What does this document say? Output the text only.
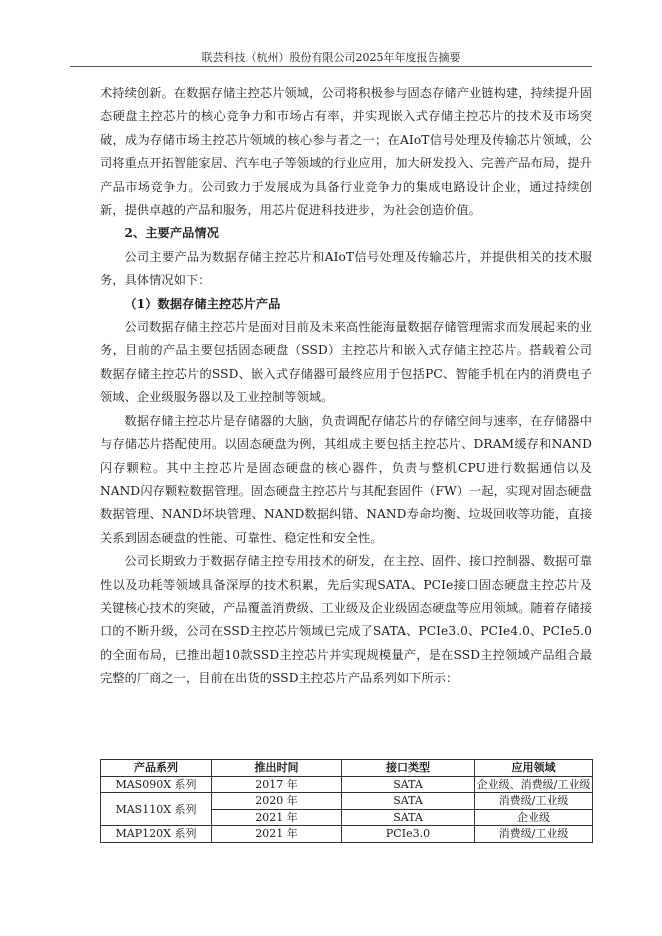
联芸科技（杭州）股份有限公司2025年年度报告摘要

术持续创新。在数据存储主控芯片领域，公司将积极参与固态存储产业链构建，持续提升固态硬盘主控芯片的核心竞争力和市场占有率，并实现嵌入式存储主控芯片的技术及市场突破，成为存储市场主控芯片领域的核心参与者之一；在AIoT信号处理及传输芯片领域，公司将重点开拓智能家居、汽车电子等领域的行业应用，加大研发投入、完善产品布局，提升产品市场竞争力。公司致力于发展成为具备行业竞争力的集成电路设计企业，通过持续创新，提供卓越的产品和服务，用芯片促进科技进步，为社会创造价值。

2、主要产品情况

公司主要产品为数据存储主控芯片和AIoT信号处理及传输芯片，并提供相关的技术服务，具体情况如下：

（1）数据存储主控芯片产品

公司数据存储主控芯片是面对目前及未来高性能海量数据存储管理需求而发展起来的业务，目前的产品主要包括固态硬盘（SSD）主控芯片和嵌入式存储主控芯片。搭载着公司数据存储主控芯片的SSD、嵌入式存储器可最终应用于包括PC、智能手机在内的消费电子领域、企业级服务器以及工业控制等领域。

数据存储主控芯片是存储器的大脑，负责调配存储芯片的存储空间与速率，在存储器中与存储芯片搭配使用。以固态硬盘为例，其组成主要包括主控芯片、DRAM缓存和NAND闪存颗粒。其中主控芯片是固态硬盘的核心器件，负责与整机CPU进行数据通信以及NAND闪存颗粒数据管理。固态硬盘主控芯片与其配套固件（FW）一起，实现对固态硬盘数据管理、NAND坏块管理、NAND数据纠错、NAND寿命均衡、垃圾回收等功能，直接关系到固态硬盘的性能、可靠性、稳定性和安全性。

公司长期致力于数据存储主控专用技术的研发，在主控、固件、接口控制器、数据可靠性以及功耗等领域具备深厚的技术积累，先后实现SATA、PCIe接口固态硬盘主控芯片及关键核心技术的突破，产品覆盖消费级、工业级及企业级固态硬盘等应用领域。随着存储接口的不断升级，公司在SSD主控芯片领域已完成了SATA、PCIe3.0、PCIe4.0、PCIe5.0的全面布局，已推出超10款SSD主控芯片并实现规模量产，是在SSD主控领域产品组合最完整的厂商之一，目前在出货的SSD主控芯片产品系列如下所示：

产品系列	推出时间	接口类型	应用领域
MAS090X 系列	2017 年	SATA	企业级、消费级/工业级
MAS110X 系列	2020 年	SATA	消费级/工业级
	2021 年	SATA	企业级
MAP120X 系列	2021 年	PCIe3.0	消费级/工业级
